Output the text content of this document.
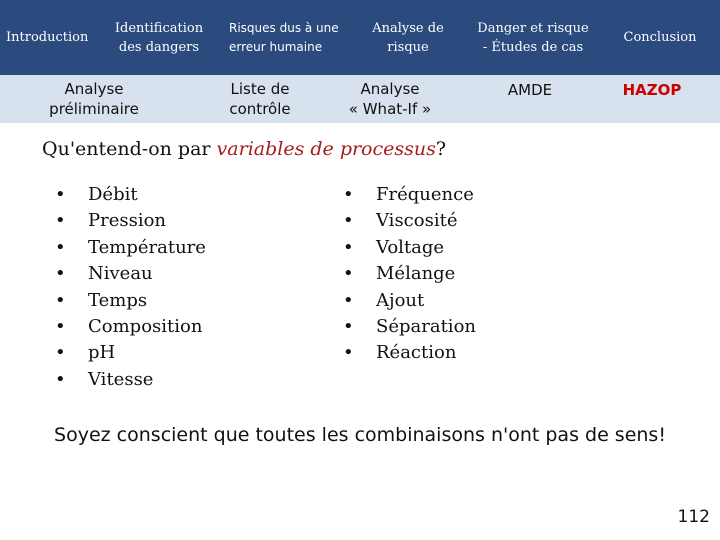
Introduction
Identification
des dangers
Risques dus à une
erreur humaine
Analyse de
risque
Danger et risque
- Études de cas
Conclusion
Analyse
préliminaire
Liste de
contrôle
Analyse
« What-If »
AMDE	HAZOP
Qu'entend-on par variables de processus?
• Débit
• Pression
• Température
• Niveau
• Temps
• Composition
• pH
• Vitesse
• Fréquence
• Viscosité
• Voltage
• Mélange
• Ajout
• Séparation
• Réaction
Soyez conscient que toutes les combinaisons n'ont pas de sens!
112
